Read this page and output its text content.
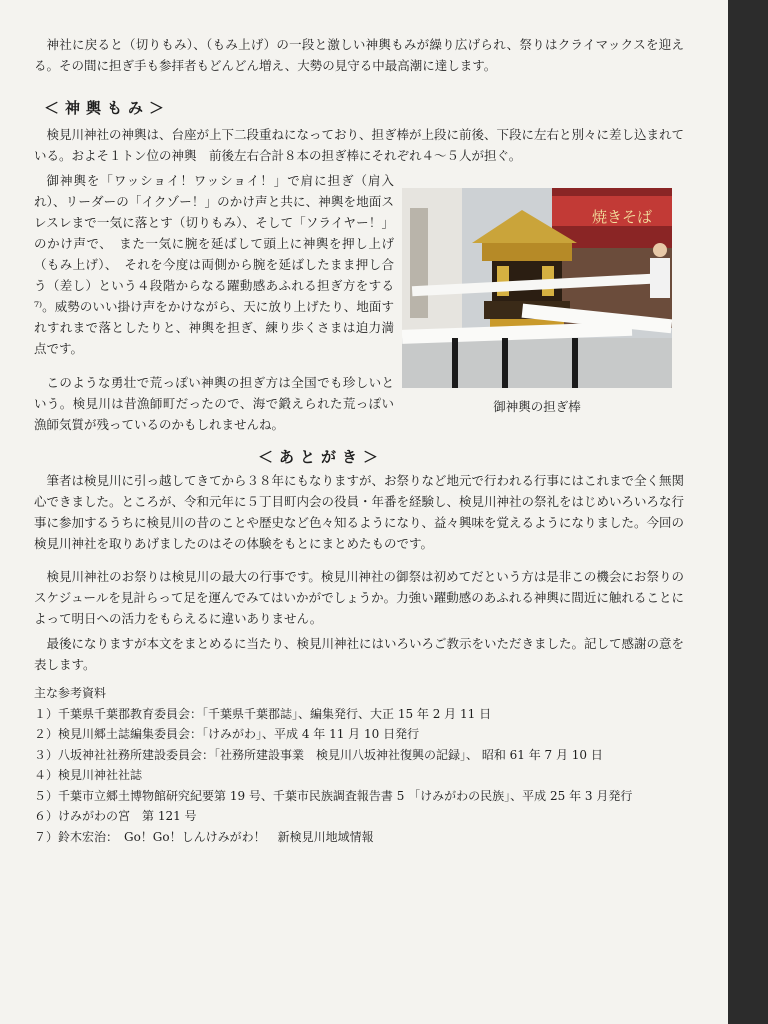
神社に戻ると（切りもみ）、（もみ上げ）の一段と激しい神輿もみが繰り広げられ、祭りはクライマックスを迎える。その間に担ぎ手も参拝者もどんどん増え、大勢の見守る中最高潮に達します。

＜神輿もみ＞

検見川神社の神輿は、台座が上下二段重ねになっており、担ぎ棒が上段に前後、下段に左右と別々に差し込まれている。およそ１トン位の神輿　前後左右合計８本の担ぎ棒にそれぞれ４～５人が担ぐ。

御神輿を「ワッショイ！ワッショイ！」で肩に担ぎ（肩入れ）、リーダーの「イクゾー！」のかけ声と共に、神輿を地面スレスレまで一気に落とす（切りもみ）、そして「ソライヤー！」のかけ声で、　また一気に腕を延ばして頭上に神輿を押し上げ（もみ上げ）、　それを今度は両側から腕を延ばしたまま押し合う（差し）という４段階からなる躍動感あふれる担ぎ方をする⁷⁾。威勢のいい掛け声をかけながら、天に放り上げたり、地面すれすれまで落としたりと、神輿を担ぎ、練り歩くさまは迫力満点です。

このような勇壮で荒っぽい神輿の担ぎ方は全国でも珍しいという。検見川は昔漁師町だったので、海で鍛えられた荒っぽい漁師気質が残っているのかもしれませんね。

焼きそば
御神輿の担ぎ棒
＜あとがき＞

筆者は検見川に引っ越してきてから３８年にもなりますが、お祭りなど地元で行われる行事にはこれまで全く無関心できました。ところが、令和元年に５丁目町内会の役員・年番を経験し、検見川神社の祭礼をはじめいろいろな行事に参加するうちに検見川の昔のことや歴史など色々知るようになり、益々興味を覚えるようになりました。今回の検見川神社を取りあげましたのはその体験をもとにまとめたものです。

検見川神社のお祭りは検見川の最大の行事です。検見川神社の御祭は初めてだという方は是非この機会にお祭りのスケジュールを見計らって足を運んでみてはいかがでしょうか。力強い躍動感のあふれる神輿に間近に触れることによって明日への活力をもらえるに違いありません。

最後になりますが本文をまとめるに当たり、検見川神社にはいろいろご教示をいただきました。記して感謝の意を表します。

主な参考資料
１）千葉県千葉郡教育委員会：「千葉県千葉郡誌」、編集発行、大正 15 年 2 月 11 日
２）検見川郷土誌編集委員会：「けみがわ」、平成 4 年 11 月 10 日発行
３）八坂神社社務所建設委員会：「社務所建設事業　検見川八坂神社復興の記録」、 昭和 61 年 7 月 10 日
４）検見川神社社誌
５）千葉市立郷土博物館研究紀要第 19 号、千葉市民族調査報告書 5 「けみがわの民族」、平成 25 年 3 月発行
６）けみがわの宮　第 121 号
７）鈴木宏治：　Go！Go！しんけみがわ！　新検見川地域情報
